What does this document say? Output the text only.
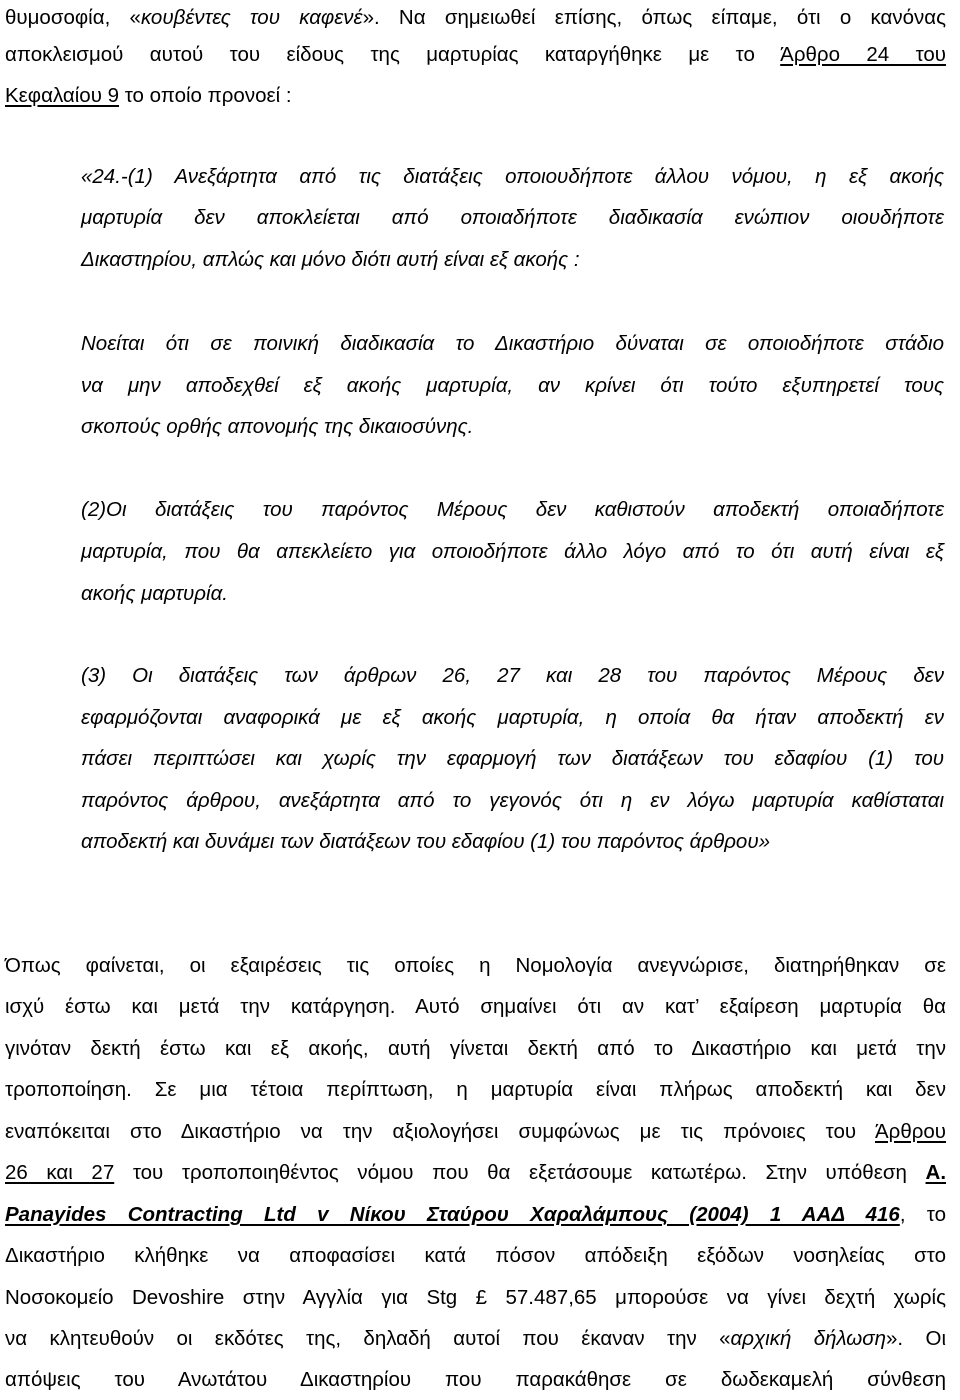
θυμοσοφία, «κουβέντες του καφενέ». Να σημειωθεί επίσης, όπως είπαμε, ότι ο κανόνας
αποκλεισμού αυτού του είδους της μαρτυρίας καταργήθηκε με το Άρθρο 24 του
Κεφαλαίου 9 το οποίο προνοεί :
«24.-(1) Ανεξάρτητα από τις διατάξεις οποιουδήποτε άλλου νόμου, η εξ ακοής
μαρτυρία δεν αποκλείεται από οποιαδήποτε διαδικασία ενώπιον οιουδήποτε
Δικαστηρίου, απλώς και μόνο διότι αυτή είναι εξ ακοής :
Νοείται ότι σε ποινική διαδικασία το Δικαστήριο δύναται σε οποιοδήποτε στάδιο
να μην αποδεχθεί εξ ακοής μαρτυρία, αν κρίνει ότι τούτο εξυπηρετεί τους
σκοπούς ορθής απονομής της δικαιοσύνης.
(2)Οι διατάξεις του παρόντος Μέρους δεν καθιστούν αποδεκτή οποιαδήποτε
μαρτυρία, που θα απεκλείετο για οποιοδήποτε άλλο λόγο από το ότι αυτή είναι εξ
ακοής μαρτυρία.
(3) Οι διατάξεις των άρθρων 26, 27 και 28 του παρόντος Μέρους δεν
εφαρμόζονται αναφορικά με εξ ακοής μαρτυρία, η οποία θα ήταν αποδεκτή εν
πάσει περιπτώσει και χωρίς την εφαρμογή των διατάξεων του εδαφίου (1) του
παρόντος άρθρου, ανεξάρτητα από το γεγονός ότι η εν λόγω μαρτυρία καθίσταται
αποδεκτή και δυνάμει των διατάξεων του εδαφίου (1) του παρόντος άρθρου»
Όπως φαίνεται, οι εξαιρέσεις τις οποίες η Νομολογία ανεγνώρισε, διατηρήθηκαν σε
ισχύ έστω και μετά την κατάργηση. Αυτό σημαίνει ότι αν κατ’ εξαίρεση μαρτυρία θα
γινόταν δεκτή έστω και εξ ακοής, αυτή γίνεται δεκτή από το Δικαστήριο και μετά την
τροποποίηση. Σε μια τέτοια περίπτωση, η μαρτυρία είναι πλήρως αποδεκτή και δεν
εναπόκειται στο Δικαστήριο να την αξιολογήσει συμφώνως με τις πρόνοιες του Άρθρου
26 και 27 του τροποποιηθέντος νόμου που θα εξετάσουμε κατωτέρω. Στην υπόθεση Α.
Panayides Contracting Ltd v Νίκου Σταύρου Χαραλάμπους (2004) 1 ΑΑΔ 416, το
Δικαστήριο κλήθηκε να αποφασίσει κατά πόσον απόδειξη εξόδων νοσηλείας στο
Νοσοκομείο Devoshire στην Αγγλία για Stg £ 57.487,65 μπορούσε να γίνει δεχτή χωρίς
να κλητευθούν οι εκδότες της, δηλαδή αυτοί που έκαναν την «αρχική δήλωση». Οι
απόψεις του Ανωτάτου Δικαστηρίου που παρακάθησε σε δωδεκαμελή σύνθεση
